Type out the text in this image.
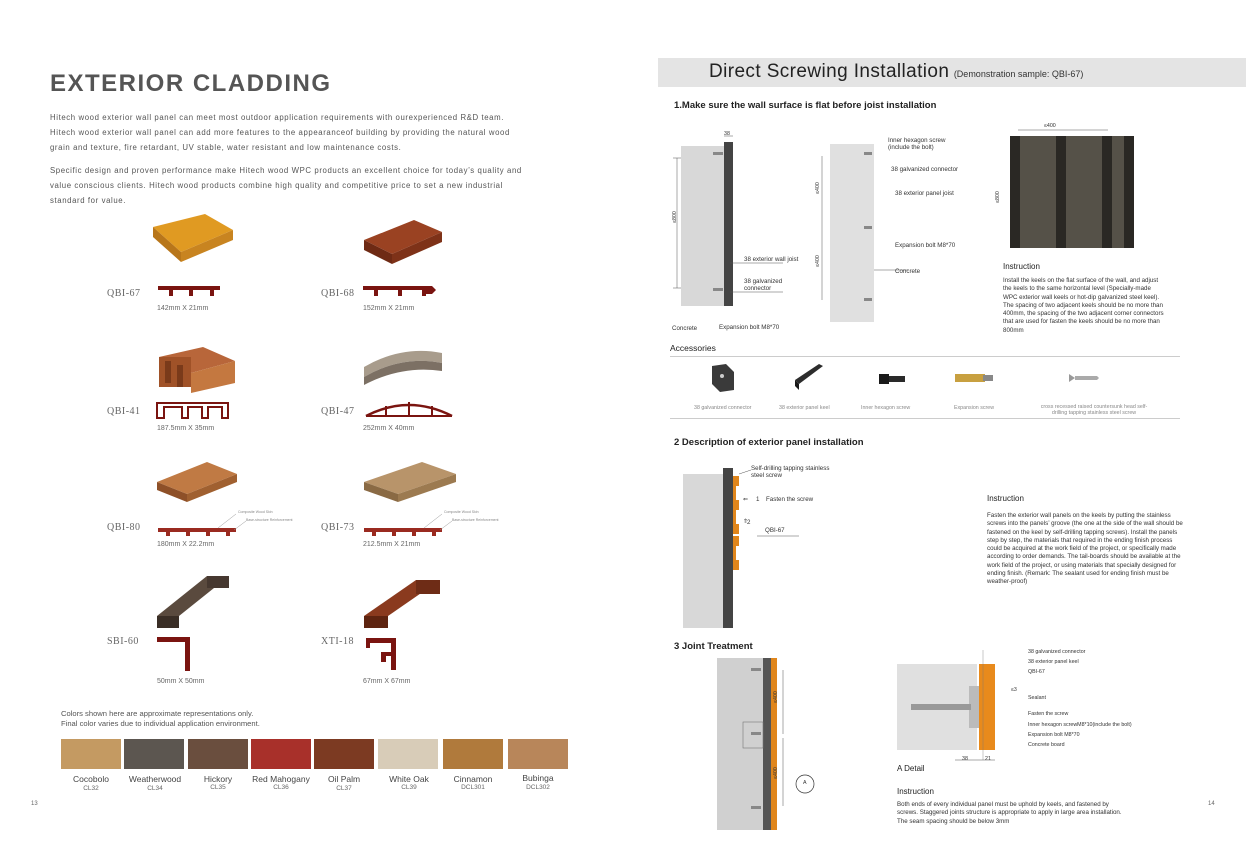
EXTERIOR CLADDING
Hitech wood exterior wall panel can meet most outdoor application requirements with ourexperienced R&D team. Hitech wood exterior wall panel can add more features to the appearanceof building by providing the natural wood grain and texture, fire retardant, UV stable, water resistant and low maintenance costs.
Specific design and proven performance make Hitech wood WPC products an excellent choice for today’s quality and value conscious clients. Hitech wood products combine high quality and competitive price to set a new industrial standard for value.
QBI-67
142mm X 21mm
QBI-68
152mm X 21mm
QBI-41
187.5mm X 35mm
QBI-47
252mm X 40mm
Composite Wood Skin
Base-structure Reinforcement
QBI-80
180mm X 22.2mm
Composite Wood Skin
Base-structure Reinforcement
QBI-73
212.5mm X 21mm
SBI-60
50mm X 50mm
XTI-18
67mm X 67mm
Colors shown here are approximate representations only.
Final color varies due to individual application environment.
Cocobolo	Weatherwood	Hickory	Red Mahogany	Oil Palm	White Oak	Cinnamon	Bubinga
CL32	CL34	CL35	CL36	CL37	CL39	DCL301	DCL302
13
Direct Screwing Installation (Demonstration sample: QBI-67)
1.Make sure the wall surface is flat before joist installation
38
≤800
38 exterior wall joist
38 galvanized connector
Concrete	Expansion bolt M8*70
Inner hexagon screw (include the bolt)
38 galvanized connector
38 exterior panel joist
Expansion bolt M8*70
Concrete
≤400
≤400
≤400
≤800
Instruction
Install the keels on the flat surface of the wall, and adjust the keels to the same horizontal level (Specially-made WPC exterior wall keels or hot-dip galvanized steel keel). The spacing of two adjacent keels should be no more than 400mm, the spacing of the two adjacent corner connectors that are used for fasten the keels should be no more than 800mm
Accessories
38 galvanized connector	38 exterior panel keel	Inner hexagon screw	Expansion screw	cross recessed raised countersunk head self-drilling tapping stainless steel screw
2 Description of exterior panel installation
Self-drilling tapping stainless steel screw
⇐ 1 Fasten the screw
⇑
2
QBI-67
Instruction
Fasten the exterior wall panels on the keels by putting the stainless screws into the panels’ groove (the one at the side of the wall should be fastened on the keel by self-drilling tapping screws). Install the panels step by step, the materials that required in the ending finish process could be acquired at the work field of the project, or specifically made according to order demands. The tail-boards should be available at the work field of the project, or using materials that specially designed for ending finish. (Remark: The sealant used for ending finish must be weather-proof)
3 Joint Treatment
≤400
≤400
A
38 galvanized connector
38 exterior panel keel
QBI-67
≤3
Sealant
Fasten the screw
Inner hexagon screwM8*10(include the bolt)
Expansion bolt M8*70
Concrete board
38	21
A Detail
Instruction
Both ends of every individual panel must be uphold by keels, and fastened by screws. Staggered joints structure is appropriate to apply in large area installation. The seam spacing should be below 3mm
14
